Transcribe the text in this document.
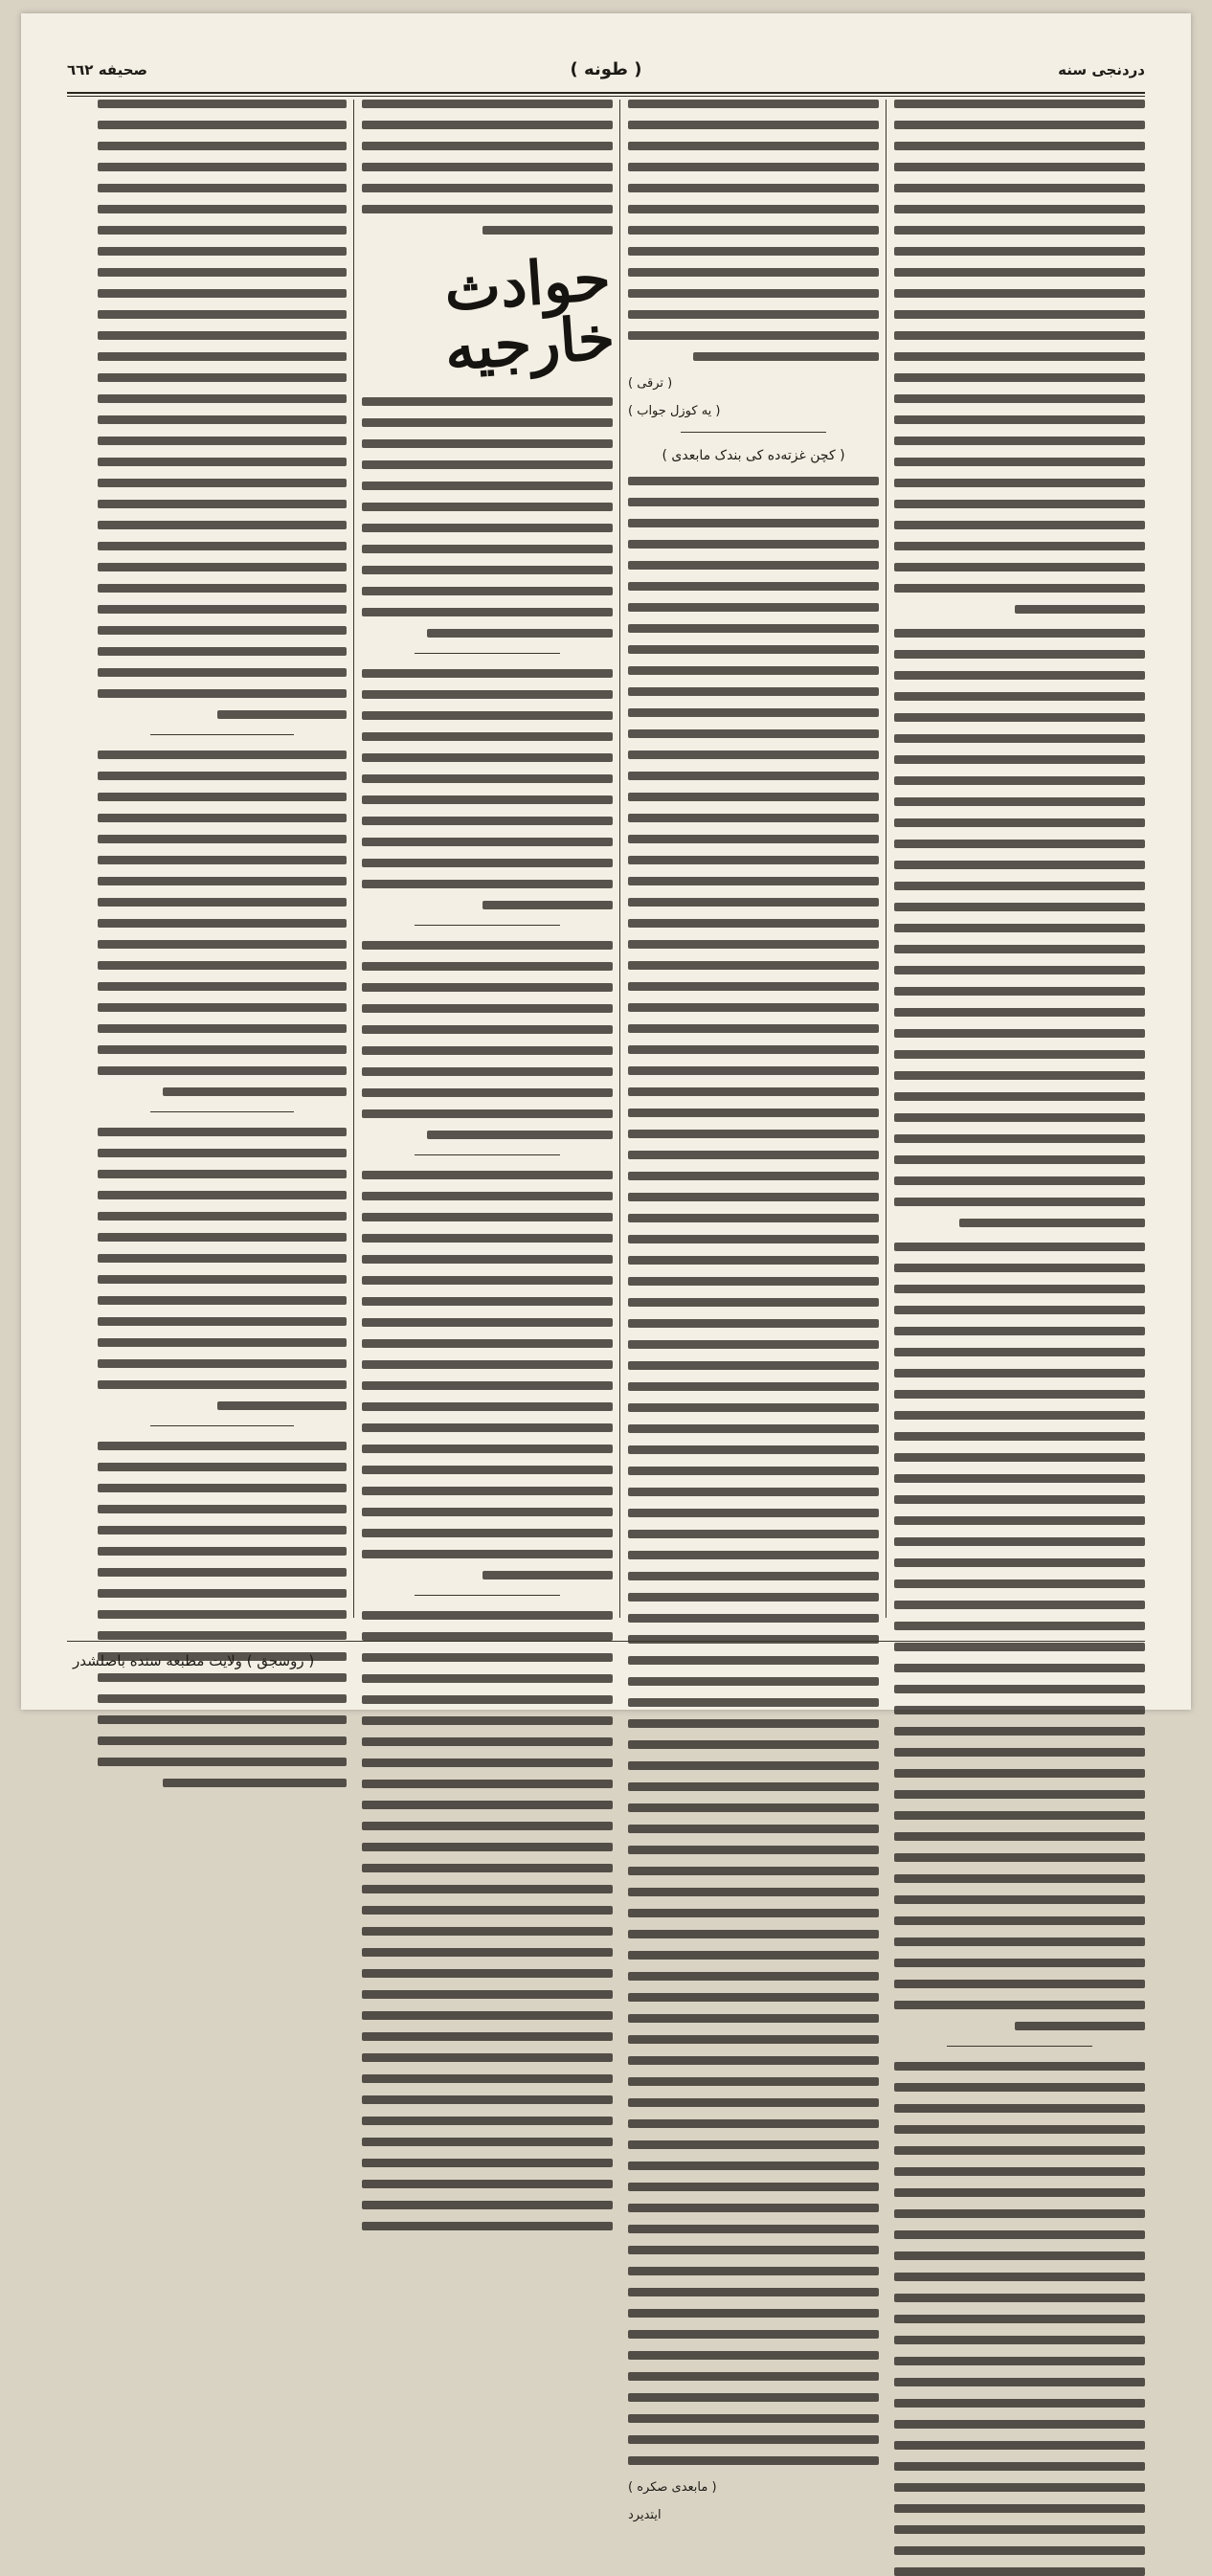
دردنجی سنه
( طونه )
صحیفه ٦٦٢
( ترقی )
( یه کوزل جواب )
( کچن غزته‌ده کی بندک مابعدی )
( مابعدی صکره )
ایتدیرد
حوادث خارجیه
( روسجق ) ولایت مطبعه سنده باصلشدر
